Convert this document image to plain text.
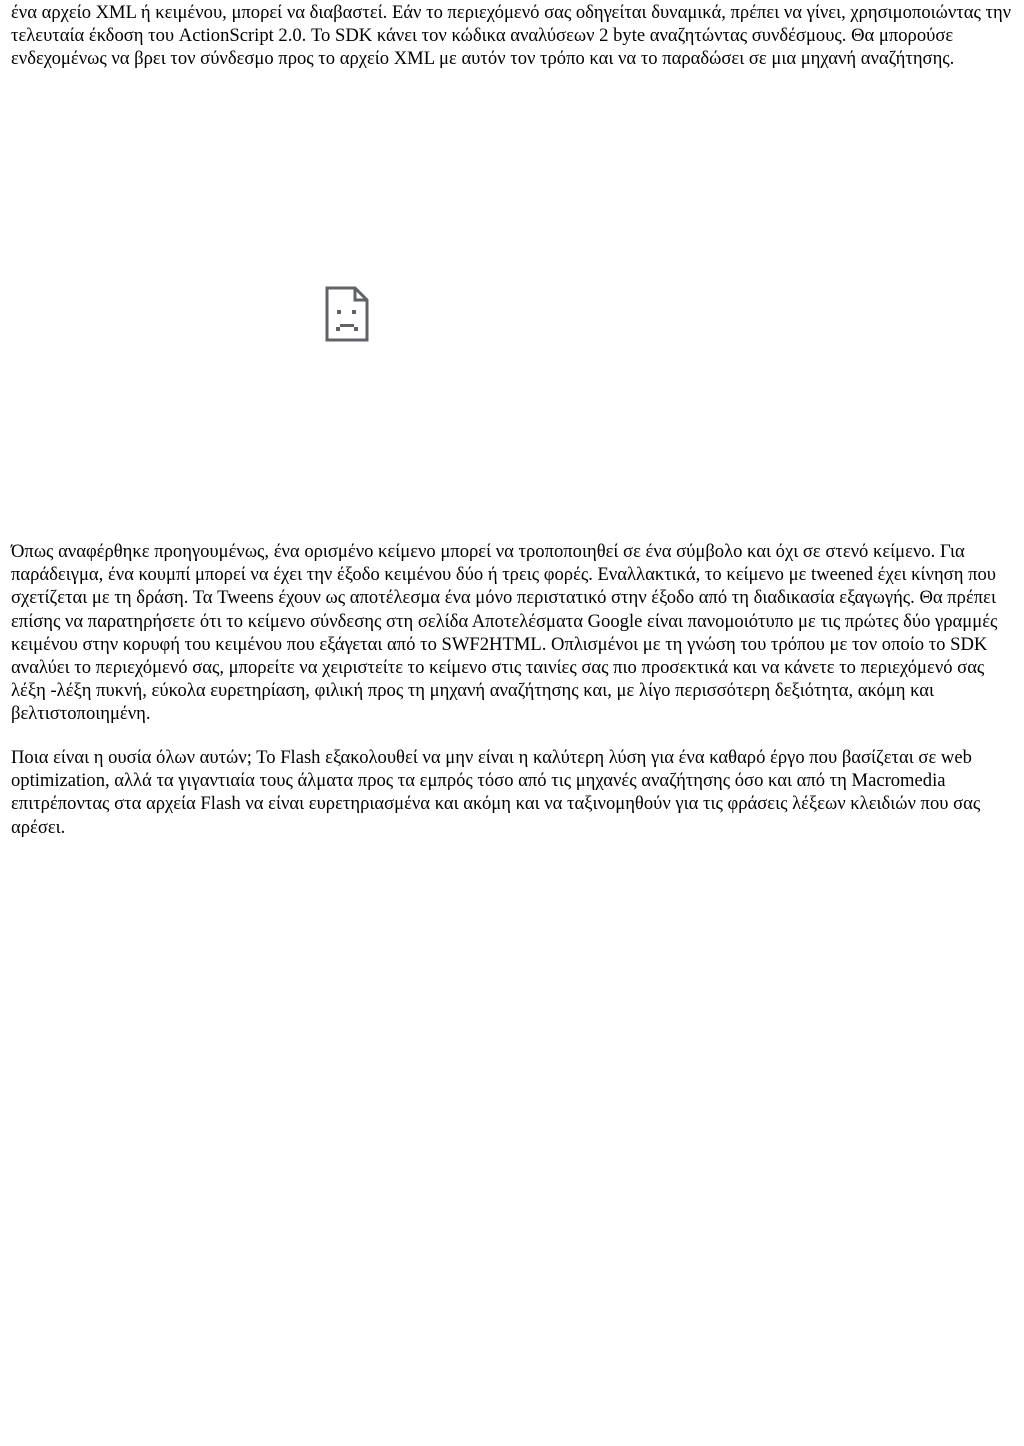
ένα αρχείο XML ή κειμένου, μπορεί να διαβαστεί. Εάν το περιεχόμενό σας οδηγείται δυναμικά, πρέπει να γίνει, χρησιμοποιώντας την τελευταία έκδοση του ActionScript 2.0. Το SDK κάνει τον κώδικα αναλύσεων 2 byte αναζητώντας συνδέσμους. Θα μπορούσε ενδεχομένως να βρει τον σύνδεσμο προς το αρχείο XML με αυτόν τον τρόπο και να το παραδώσει σε μια μηχανή αναζήτησης.

Όπως αναφέρθηκε προηγουμένως, ένα ορισμένο κείμενο μπορεί να τροποποιηθεί σε ένα σύμβολο και όχι σε στενό κείμενο. Για παράδειγμα, ένα κουμπί μπορεί να έχει την έξοδο κειμένου δύο ή τρεις φορές. Εναλλακτικά, το κείμενο με tweened έχει κίνηση που σχετίζεται με τη δράση. Τα Tweens έχουν ως αποτέλεσμα ένα μόνο περιστατικό στην έξοδο από τη διαδικασία εξαγωγής. Θα πρέπει επίσης να παρατηρήσετε ότι το κείμενο σύνδεσης στη σελίδα Αποτελέσματα Google είναι πανομοιότυπο με τις πρώτες δύο γραμμές κειμένου στην κορυφή του κειμένου που εξάγεται από το SWF2HTML. Οπλισμένοι με τη γνώση του τρόπου με τον οποίο το SDK αναλύει το περιεχόμενό σας, μπορείτε να χειριστείτε το κείμενο στις ταινίες σας πιο προσεκτικά και να κάνετε το περιεχόμενό σας λέξη -λέξη πυκνή, εύκολα ευρετηρίαση, φιλική προς τη μηχανή αναζήτησης και, με λίγο περισσότερη δεξιότητα, ακόμη και βελτιστοποιημένη.

Ποια είναι η ουσία όλων αυτών; Το Flash εξακολουθεί να μην είναι η καλύτερη λύση για ένα καθαρό έργο που βασίζεται σε web optimization, αλλά τα γιγαντιαία τους άλματα προς τα εμπρός τόσο από τις μηχανές αναζήτησης όσο και από τη Macromedia επιτρέποντας στα αρχεία Flash να είναι ευρετηριασμένα και ακόμη και να ταξινομηθούν για τις φράσεις λέξεων κλειδιών που σας αρέσει.
